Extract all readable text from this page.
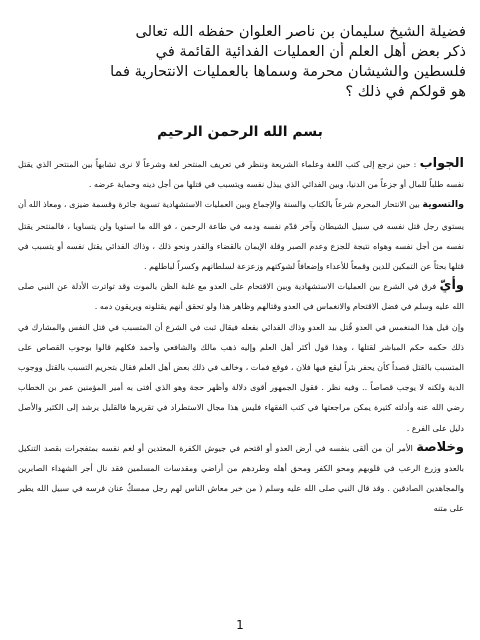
فضيلة الشيخ سليمان بن ناصر العلوان حفظه الله تعالى
ذكر بعض أهل العلم أن العمليات الفدائية القائمة في
فلسطين والشيشان محرمة وسماها بالعمليات الانتحارية فما
هو قولكم في ذلك ؟
بسم الله الرحمن الرحيم

الجواب : حين نرجع إلى كتب اللغة وعلماء الشريعة وننظر في تعريف المنتحر لغة وشرعاً لا نرى تشابهاً بين المنتحر الذي يقتل نفسه طلباً للمال أو جزعاً من الدنيا، وبين الفدائي الذي يبذل نفسه ويتسبب في قتلها من أجل دينه وحماية عرضه .

والتسوية بين الانتحار المحرم شرعاً بالكتاب والسنة والإجماع وبين العمليات الاستشهادية تسوية جائرة وقسمة ضيزى ، ومعاذ الله أن يستوي رجل قتل نفسه في سبيل الشيطان وآخر قدّم نفسه ودمه في طاعة الرحمن ، فو الله ما استويا ولن يتساويا ، فالمنتحر يقتل نفسه من أجل نفسه وهواه نتيجة للجزع وعدم الصبر وقلة الإيمان بالقضاء والقدر ونحو ذلك ، وذاك الفدائي يقتل نفسه أو يتسبب في قتلها بحثاً عن التمكين للدين وقمعاً للأعداء وإضعافاً لشوكتهم وزعزعة لسلطانهم وكسراً لباطلهم .

وأيّ فرق في الشرع بين العمليات الاستشهادية وبين الاقتحام على العدو مع غلبة الظن بالموت وقد تواترت الأدلة عن النبي صلى الله عليه وسلم في فضل الاقتحام والانغماس في العدو وقتالهم وظاهر هذا ولو تحقق أنهم يقتلونه ويريقون دمه .

وإن قيل هذا المنغمس في العدو قُتل بيد العدو وذاك الفدائي بفعله فيقال ثبت في الشرع أن المتسبب في قتل النفس والمشارك في ذلك حكمه حكم المباشر لقتلها ، وهذا قول أكثر أهل العلم وإليه ذهب مالك والشافعي وأحمد فكلهم قالوا بوجوب القصاص على المتسبب بالقتل قصداً كأن يحفر بئراً ليقع فيها فلان ، فوقع فمات ، وخالف في ذلك بعض أهل العلم فقال بتحريم التسبب بالقتل ووجوب الدية ولكنه لا يوجب قصاصاً .. وفيه نظر . فقول الجمهور أقوى دلالة وأظهر حجة وهو الذي أفتى به أمير المؤمنين عمر بن الخطاب رضي الله عنه وأدلته كثيرة يمكن مراجعتها في كتب الفقهاء فليس هذا مجال الاستطراد في تقريرها فالقليل يرشد إلى الكثير والأصل دليل على الفرع .

وخلاصة الأمر أن من ألقى بنفسه في أرض العدو أو اقتحم في جيوش الكفرة المعتدين أو لغم نفسه بمتفجرات بقصد التنكيل بالعدو وزرع الرعب في قلوبهم ومحو الكفر ومحق أهله وطردهم من أراضي ومقدسات المسلمين فقد نال أجر الشهداء الصابرين والمجاهدين الصادقين . وقد قال النبي صلى الله عليه وسلم ( من خير معاش الناس لهم رجل ممسكٌ عنان فرسه في سبيل الله يطير على متنه

1
